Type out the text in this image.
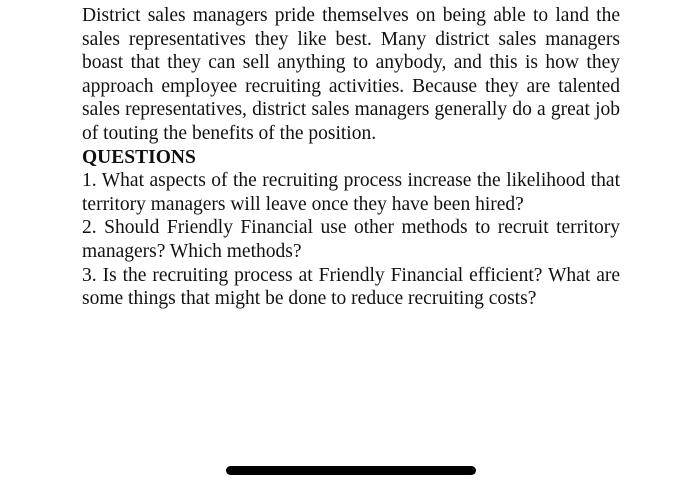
District sales managers pride themselves on being able to land the sales representatives they like best. Many district sales managers boast that they can sell anything to anybody, and this is how they approach employee recruiting activities. Because they are talented sales representatives, district sales managers generally do a great job of touting the benefits of the position.

QUESTIONS

1. What aspects of the recruiting process increase the likelihood that territory managers will leave once they have been hired?

2. Should Friendly Financial use other methods to recruit territory managers? Which methods?

3. Is the recruiting process at Friendly Financial efficient? What are some things that might be done to reduce recruiting costs?
